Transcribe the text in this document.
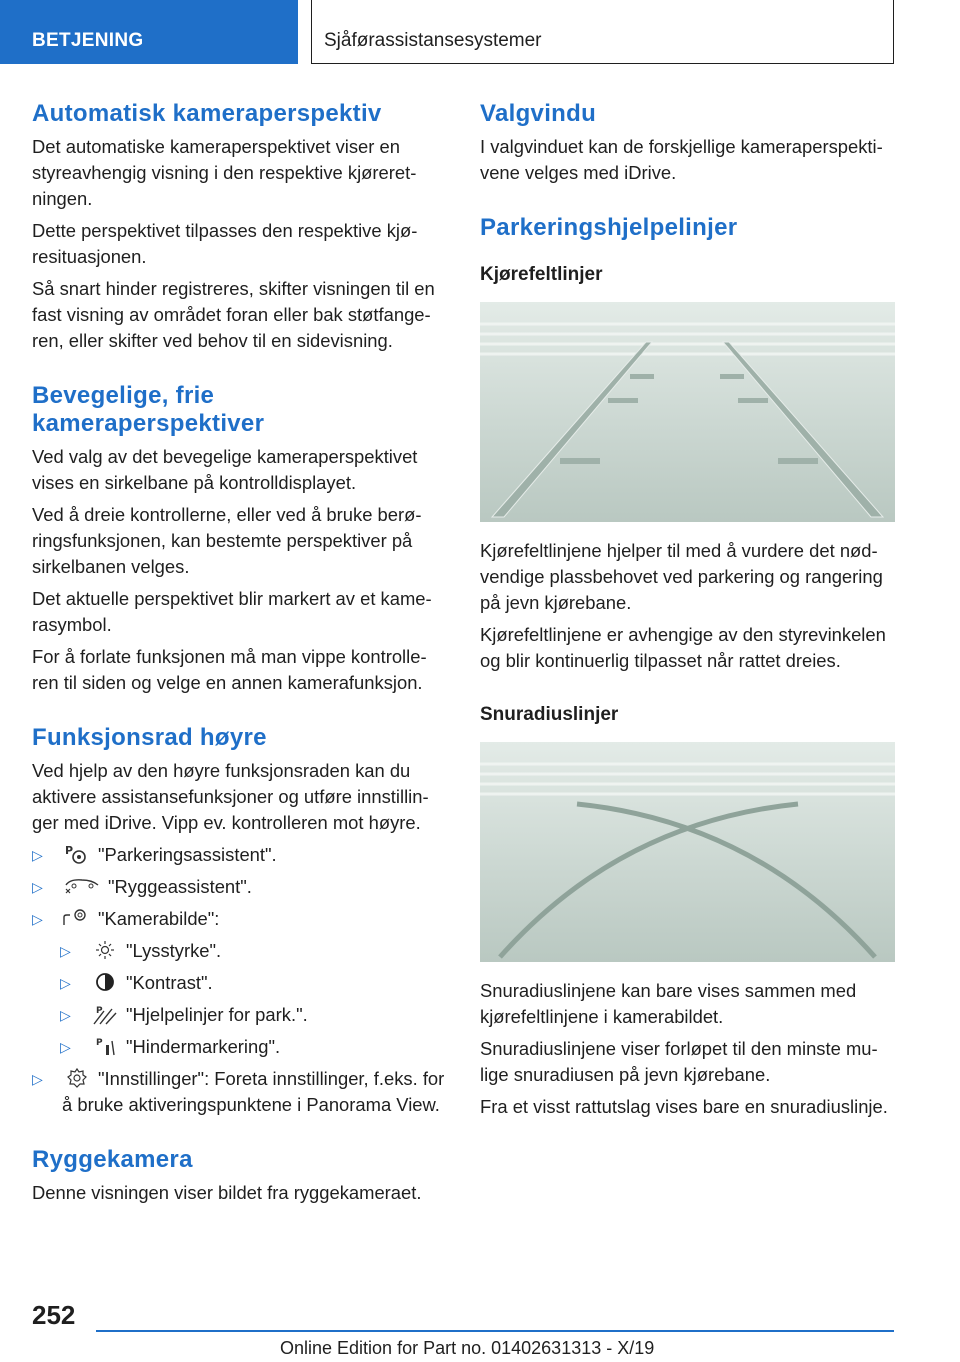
BETJENING	Sjåførassistansesystemer
Automatisk kameraperspektiv

Det automatiske kameraperspektivet viser en styreavhengig visning i den respektive kjøreretningen.

Dette perspektivet tilpasses den respektive kjøresituasjonen.

Så snart hinder registreres, skifter visningen til en fast visning av området foran eller bak støtfangeren, eller skifter ved behov til en sidevisning.

Bevegelige, frie kameraperspektiver

Ved valg av det bevegelige kameraperspektivet vises en sirkelbane på kontrolldisplayet.

Ved å dreie kontrollerne, eller ved å bruke berøringsfunksjonen, kan bestemte perspektiver på sirkelbanen velges.

Det aktuelle perspektivet blir markert av et kamerasymbol.

For å forlate funksjonen må man vippe kontrolleren til siden og velge en annen kamerafunksjon.

Funksjonsrad høyre

Ved hjelp av den høyre funksjonsraden kan du aktivere assistansefunksjoner og utføre innstillinger med iDrive. Vipp ev. kontrolleren mot høyre.

▷ P "Parkeringsassistent".
▷	"Ryggeassistent".
▷	"Kamerabilde":
▷	"Lysstyrke".
▷	"Kontrast".
▷	P "Hjelpelinjer for park.".
▷	P "Hindermarkering".
▷	"Innstillinger": Foreta innstillinger, f.eks. for å bruke aktiveringspunktene i Panorama View.
Ryggekamera

Denne visningen viser bildet fra ryggekameraet.

Valgvindu

I valgvinduet kan de forskjellige kameraperspektivene velges med iDrive.

Parkeringshjelpelinjer
Kjørefeltlinjer

Kjørefeltlinjene hjelper til med å vurdere det nødvendige plassbehovet ved parkering og rangering på jevn kjørebane.

Kjørefeltlinjene er avhengige av den styrevinkelen og blir kontinuerlig tilpasset når rattet dreies.

Snuradiuslinjer

Snuradiuslinjene kan bare vises sammen med kjørefeltlinjene i kamerabildet.

Snuradiuslinjene viser forløpet til den minste mulige snuradiusen på jevn kjørebane.

Fra et visst rattutslag vises bare en snuradiuslinje.

252
Online Edition for Part no. 01402631313 - X/19
